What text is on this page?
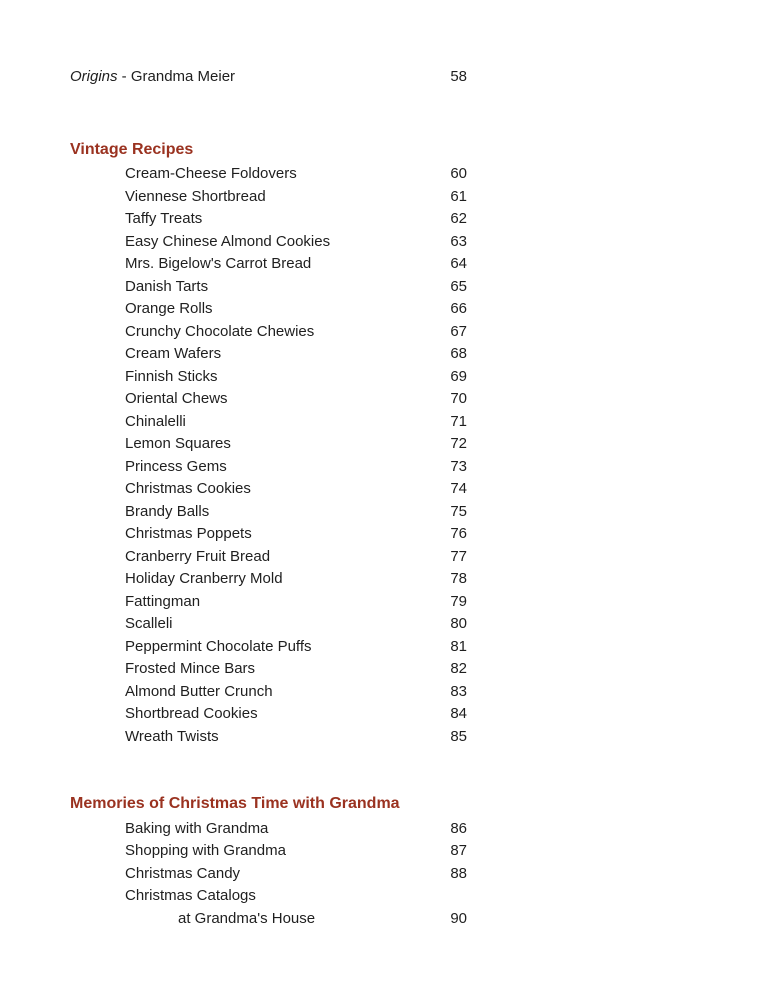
Origins - Grandma Meier	58
Vintage Recipes
Cream-Cheese Foldovers	60
Viennese Shortbread	61
Taffy Treats	62
Easy Chinese Almond Cookies	63
Mrs. Bigelow's Carrot Bread	64
Danish Tarts	65
Orange Rolls	66
Crunchy Chocolate Chewies	67
Cream Wafers	68
Finnish Sticks	69
Oriental Chews	70
Chinalelli	71
Lemon Squares	72
Princess Gems	73
Christmas Cookies	74
Brandy Balls	75
Christmas Poppets	76
Cranberry Fruit Bread	77
Holiday Cranberry Mold	78
Fattingman	79
Scalleli	80
Peppermint Chocolate Puffs	81
Frosted Mince Bars	82
Almond Butter Crunch	83
Shortbread Cookies	84
Wreath Twists	85
Memories of Christmas Time with Grandma
Baking with Grandma	86
Shopping with Grandma	87
Christmas Candy	88
Christmas Catalogs
at Grandma's House	90
